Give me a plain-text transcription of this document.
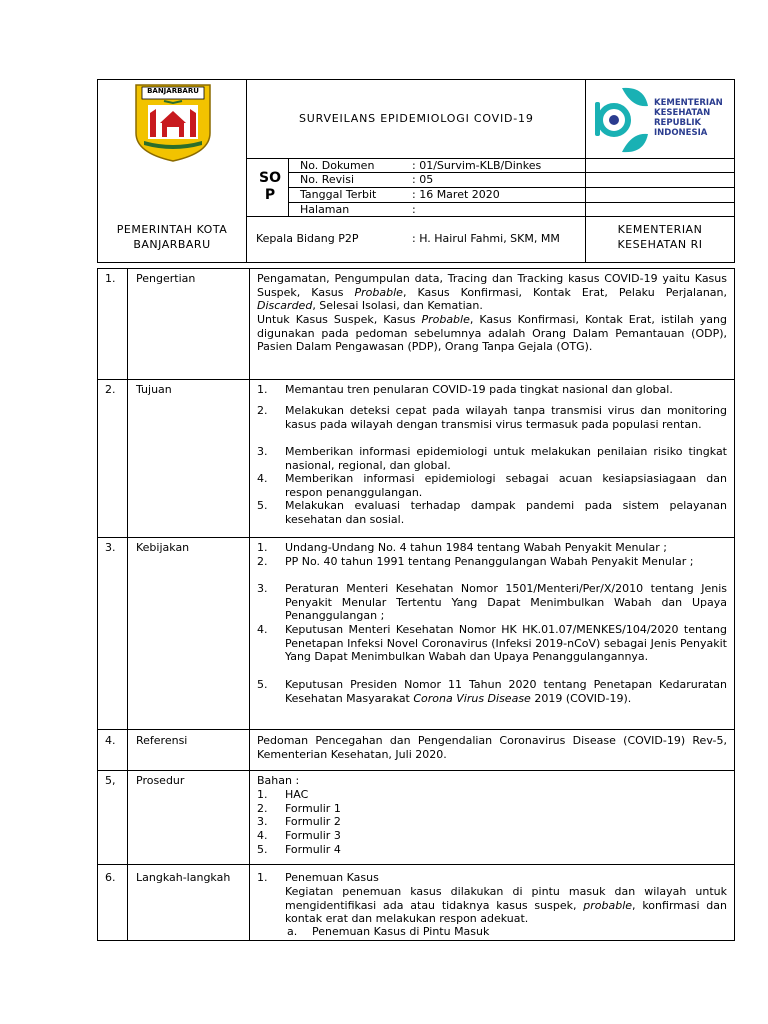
BANJARBARU
PEMERINTAH KOTA BANJARBARU
SURVEILANS EPIDEMIOLOGI COVID-19
SO P
No. Dokumen	: 01/Survim-KLB/Dinkes
No. Revisi	: 05
Tanggal Terbit	: 16 Maret 2020
Halaman	:
Kepala Bidang P2P	: H. Hairul Fahmi, SKM, MM
KEMENTERIAN KESEHATAN RI
KEMENTERIAN
KESEHATAN
REPUBLIK
INDONESIA
1. Pengertian	Pengamatan, Pengumpulan data, Tracing dan Tracking kasus COVID-19 yaitu Kasus Suspek, Kasus Probable, Kasus Konfirmasi, Kontak Erat, Pelaku Perjalanan, Discarded, Selesai Isolasi, dan Kematian.
Untuk Kasus Suspek, Kasus Probable, Kasus Konfirmasi, Kontak Erat, istilah yang digunakan pada pedoman sebelumnya adalah Orang Dalam Pemantauan (ODP), Pasien Dalam Pengawasan (PDP), Orang Tanpa Gejala (OTG).
2. Tujuan	1. Memantau tren penularan COVID-19 pada tingkat nasional dan global.
2. Melakukan deteksi cepat pada wilayah tanpa transmisi virus dan monitoring kasus pada wilayah dengan transmisi virus termasuk pada populasi rentan.
3. Memberikan informasi epidemiologi untuk melakukan penilaian risiko tingkat nasional, regional, dan global.
4. Memberikan informasi epidemiologi sebagai acuan kesiapsiasiagaan dan respon penanggulangan.
5. Melakukan evaluasi terhadap dampak pandemi pada sistem pelayanan kesehatan dan sosial.
3. Kebijakan	1. Undang-Undang No. 4 tahun 1984 tentang Wabah Penyakit Menular ;
2. PP No. 40 tahun 1991 tentang Penanggulangan Wabah Penyakit Menular ;
3. Peraturan Menteri Kesehatan Nomor 1501/Menteri/Per/X/2010 tentang Jenis Penyakit Menular Tertentu Yang Dapat Menimbulkan Wabah dan Upaya Penanggulangan ;
4. Keputusan Menteri Kesehatan Nomor HK HK.01.07/MENKES/104/2020 tentang Penetapan Infeksi Novel Coronavirus (Infeksi 2019-nCoV) sebagai Jenis Penyakit Yang Dapat Menimbulkan Wabah dan Upaya Penanggulangannya.
5. Keputusan Presiden Nomor 11 Tahun 2020 tentang Penetapan Kedaruratan Kesehatan Masyarakat Corona Virus Disease 2019 (COVID-19).
4. Referensi	Pedoman Pencegahan dan Pengendalian Coronavirus Disease (COVID-19) Rev-5, Kementerian Kesehatan, Juli 2020.
5, Prosedur	Bahan :
1. HAC
2. Formulir 1
3. Formulir 2
4. Formulir 3
5. Formulir 4
6. Langkah-langkah	1. Penemuan Kasus
Kegiatan penemuan kasus dilakukan di pintu masuk dan wilayah untuk mengidentifikasi ada atau tidaknya kasus suspek, probable, konfirmasi dan kontak erat dan melakukan respon adekuat.
a. Penemuan Kasus di Pintu Masuk
